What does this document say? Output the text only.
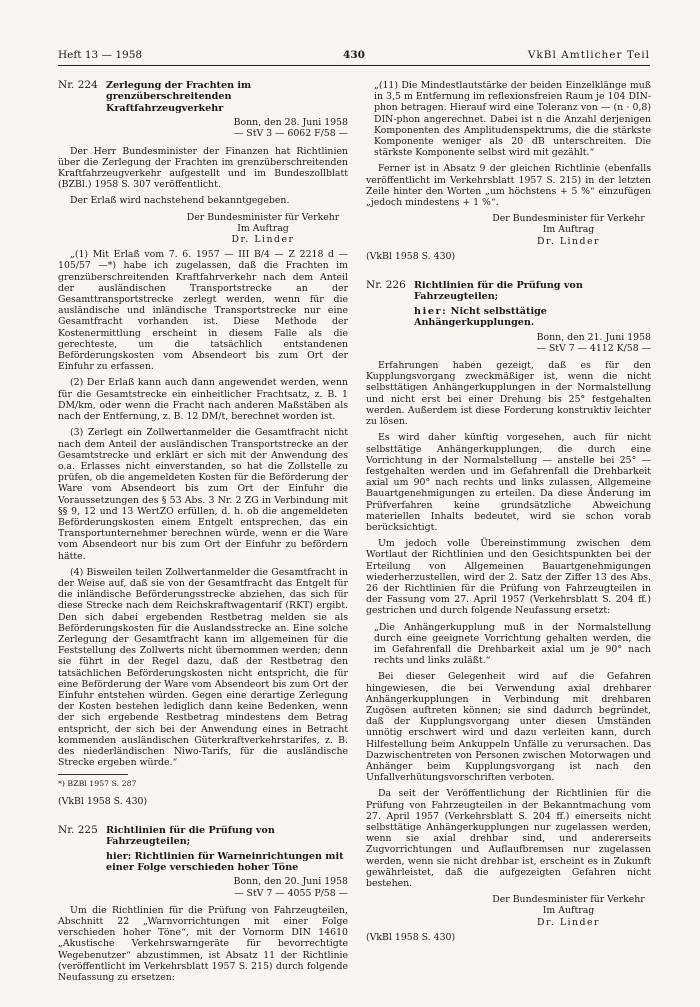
Heft 13 — 1958	430	VkBl Amtlicher Teil
Nr. 224 Zerlegung der Frachten im grenzüberschreitenden Kraftfahrzeugverkehr
Bonn, den 28. Juni 1958
— StV 3 — 6062 F/58 —

Der Herr Bundesminister der Finanzen hat Richtlinien über die Zerlegung der Frachten im grenzüberschreitenden Kraftfahrzeugverkehr aufgestellt und im Bundeszollblatt (BZBl.) 1958 S. 307 veröffentlicht.

Der Erlaß wird nachstehend bekanntgegeben.

Der Bundesminister für Verkehr
Im Auftrag
Dr. Linder

„(1) Mit Erlaß vom 7. 6. 1957 — III B/4 — Z 2218 d — 105/57 —*) habe ich zugelassen, daß die Frachten im grenzüberschreitenden Kraftfahrverkehr nach dem Anteil der ausländischen Transportstrecke an der Gesamttransportstrecke zerlegt werden, wenn für die ausländische und inländische Transportstrecke nur eine Gesamtfracht vorhanden ist. Diese Methode der Kostenermittlung erscheint in diesem Falle als die gerechteste, um die tatsächlich entstandenen Beförderungskosten vom Absendeort bis zum Ort der Einfuhr zu erfassen.

(2) Der Erlaß kann auch dann angewendet werden, wenn für die Gesamtstrecke ein einheitlicher Frachtsatz, z. B. 1 DM/km, oder wenn die Fracht nach anderen Maßstäben als nach der Entfernung, z. B. 12 DM/t, berechnet worden ist.

(3) Zerlegt ein Zollwertanmelder die Gesamtfracht nicht nach dem Anteil der ausländischen Transportstrecke an der Gesamtstrecke und erklärt er sich mit der Anwendung des o.a. Erlasses nicht einverstanden, so hat die Zollstelle zu prüfen, ob die angemeldeten Kosten für die Beförderung der Ware vom Absendeort bis zum Ort der Einfuhr die Voraussetzungen des § 53 Abs. 3 Nr. 2 ZG in Verbindung mit §§ 9, 12 und 13 WertZO erfüllen, d. h. ob die angemeldeten Beförderungskosten einem Entgelt entsprechen, das ein Transportunternehmer berechnen würde, wenn er die Ware vom Absendeort nur bis zum Ort der Einfuhr zu befördern hätte.

(4) Bisweilen teilen Zollwertanmelder die Gesamtfracht in der Weise auf, daß sie von der Gesamtfracht das Entgelt für die inländische Beförderungsstrecke abziehen, das sich für diese Strecke nach dem Reichskraftwagentarif (RKT) ergibt. Den sich dabei ergebenden Restbetrag melden sie als Beförderungskosten für die Auslandsstrecke an. Eine solche Zerlegung der Gesamtfracht kann im allgemeinen für die Feststellung des Zollwerts nicht übernommen werden; denn sie führt in der Regel dazu, daß der Restbetrag den tatsächlichen Beförderungskosten nicht entspricht, die für eine Beförderung der Ware vom Absendeort bis zum Ort der Einfuhr entstehen würden. Gegen eine derartige Zerlegung der Kosten bestehen lediglich dann keine Bedenken, wenn der sich ergebende Restbetrag mindestens dem Betrag entspricht, der sich bei der Anwendung eines in Betracht kommenden ausländischen Güterkraftverkehrstarifes, z. B. des niederländischen Niwo-Tarifs, für die ausländische Strecke ergeben würde.“

*) BZBl 1957 S. 287
(VkBl 1958 S. 430)
Nr. 225 Richtlinien für die Prüfung von Fahrzeugteilen;
hier: Richtlinien für Warneinrichtungen mit einer Folge verschieden hoher Töne
Bonn, den 20. Juni 1958
— StV 7 — 4055 P/58 —

Um die Richtlinien für die Prüfung von Fahrzeugteilen, Abschnitt 22 „Warnvorrichtungen mit einer Folge verschieden hoher Töne“, mit der Vornorm DIN 14610 „Akustische Verkehrswarngeräte für bevorrechtigte Wegebenutzer“ abzustimmen, ist Absatz 11 der Richtlinie (veröffentlicht im Verkehrsblatt 1957 S. 215) durch folgende Neufassung zu ersetzen:

„(11) Die Mindestlautstärke der beiden Einzelklänge muß in 3,5 m Entfernung im reflexionsfreien Raum je 104 DIN-phon betragen. Hierauf wird eine Toleranz von — (n · 0,8) DIN-phon angerechnet. Dabei ist n die Anzahl derjenigen Komponenten des Amplitudenspektrums, die die stärkste Komponente weniger als 20 dB unterschreiten. Die stärkste Komponente selbst wird mit gezählt.“

Ferner ist in Absatz 9 der gleichen Richtlinie (ebenfalls veröffentlicht im Verkehrsblatt 1957 S. 215) in der letzten Zeile hinter den Worten „um höchstens + 5 %“ einzufügen „jedoch mindestens + 1 %“.

Der Bundesminister für Verkehr
Im Auftrag
Dr. Linder
(VkBl 1958 S. 430)
Nr. 226 Richtlinien für die Prüfung von Fahrzeugteilen;
hier: Nicht selbsttätige Anhängerkupplungen.
Bonn, den 21. Juni 1958
— StV 7 — 4112 K/58 —

Erfahrungen haben gezeigt, daß es für den Kupplungsvorgang zweckmäßiger ist, wenn die nicht selbsttätigen Anhängerkupplungen in der Normalstellung und nicht erst bei einer Drehung bis 25° festgehalten werden. Außerdem ist diese Forderung konstruktiv leichter zu lösen.

Es wird daher künftig vorgesehen, auch für nicht selbsttätige Anhängerkupplungen, die durch eine Vorrichtung in der Normalstellung — anstelle bei 25° — festgehalten werden und im Gefahrenfall die Drehbarkeit axial um 90° nach rechts und links zulassen, Allgemeine Bauartgenehmigungen zu erteilen. Da diese Änderung im Prüfverfahren keine grundsätzliche Abweichung materiellen Inhalts bedeutet, wird sie schon vorab berücksichtigt.

Um jedoch volle Übereinstimmung zwischen dem Wortlaut der Richtlinien und den Gesichtspunkten bei der Erteilung von Allgemeinen Bauartgenehmigungen wiederherzustellen, wird der 2. Satz der Ziffer 13 des Abs. 26 der Richtlinien für die Prüfung von Fahrzeugteilen in der Fassung vom 27. April 1957 (Verkehrsblatt S. 204 ff.) gestrichen und durch folgende Neufassung ersetzt:

„Die Anhängerkupplung muß in der Normalstellung durch eine geeignete Vorrichtung gehalten werden, die im Gefahrenfall die Drehbarkeit axial um je 90° nach rechts und links zuläßt.“

Bei dieser Gelegenheit wird auf die Gefahren hingewiesen, die bei Verwendung axial drehbarer Anhängerkupplungen in Verbindung mit drehbaren Zugösen auftreten können; sie sind dadurch begründet, daß der Kupplungsvorgang unter diesen Umständen unnötig erschwert wird und dazu verleiten kann, durch Hilfestellung beim Ankuppeln Unfälle zu verursachen. Das Dazwischentreten von Personen zwischen Motorwagen und Anhänger beim Kupplungsvorgang ist nach den Unfallverhütungsvorschriften verboten.

Da seit der Veröffentlichung der Richtlinien für die Prüfung von Fahrzeugteilen in der Bekanntmachung vom 27. April 1957 (Verkehrsblatt S. 204 ff.) einerseits nicht selbsttätige Anhängerkupplungen nur zugelassen werden, wenn sie axial drehbar sind, und andererseits Zugvorrichtungen und Auflaufbremsen nur zugelassen werden, wenn sie nicht drehbar ist, erscheint es in Zukunft gewährleistet, daß die aufgezeigten Gefahren nicht bestehen.

Der Bundesminister für Verkehr
Im Auftrag
Dr. Linder
(VkBl 1958 S. 430)
